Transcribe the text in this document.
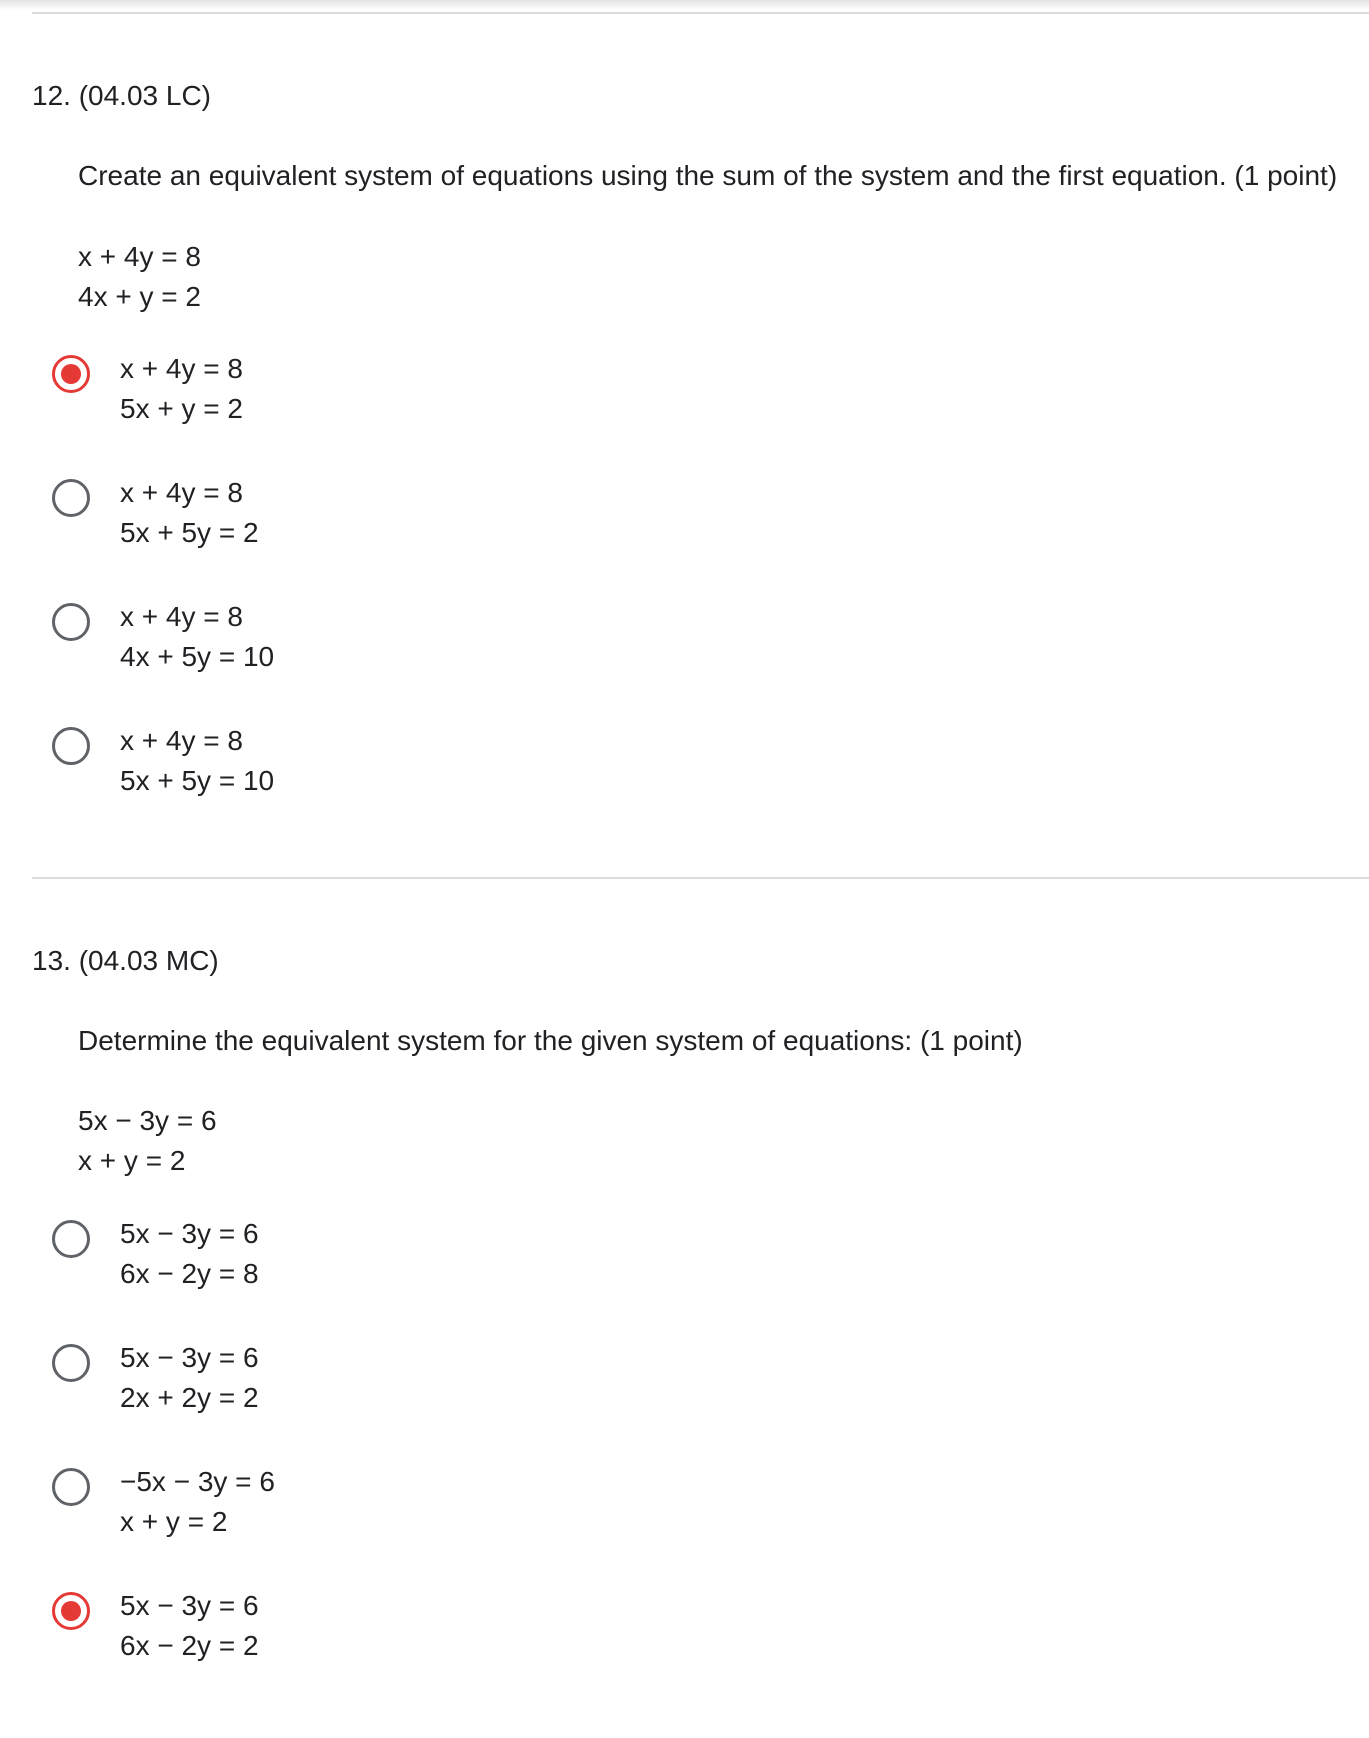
12. (04.03 LC)
Create an equivalent system of equations using the sum of the system and the first equation. (1 point)
x + 4y = 8
4x + y = 2
x + 4y = 8
5x + y = 2
x + 4y = 8
5x + 5y = 2
x + 4y = 8
4x + 5y = 10
x + 4y = 8
5x + 5y = 10
13. (04.03 MC)
Determine the equivalent system for the given system of equations: (1 point)
5x − 3y = 6
x + y = 2
5x − 3y = 6
6x − 2y = 8
5x − 3y = 6
2x + 2y = 2
−5x − 3y = 6
x + y = 2
5x − 3y = 6
6x − 2y = 2
